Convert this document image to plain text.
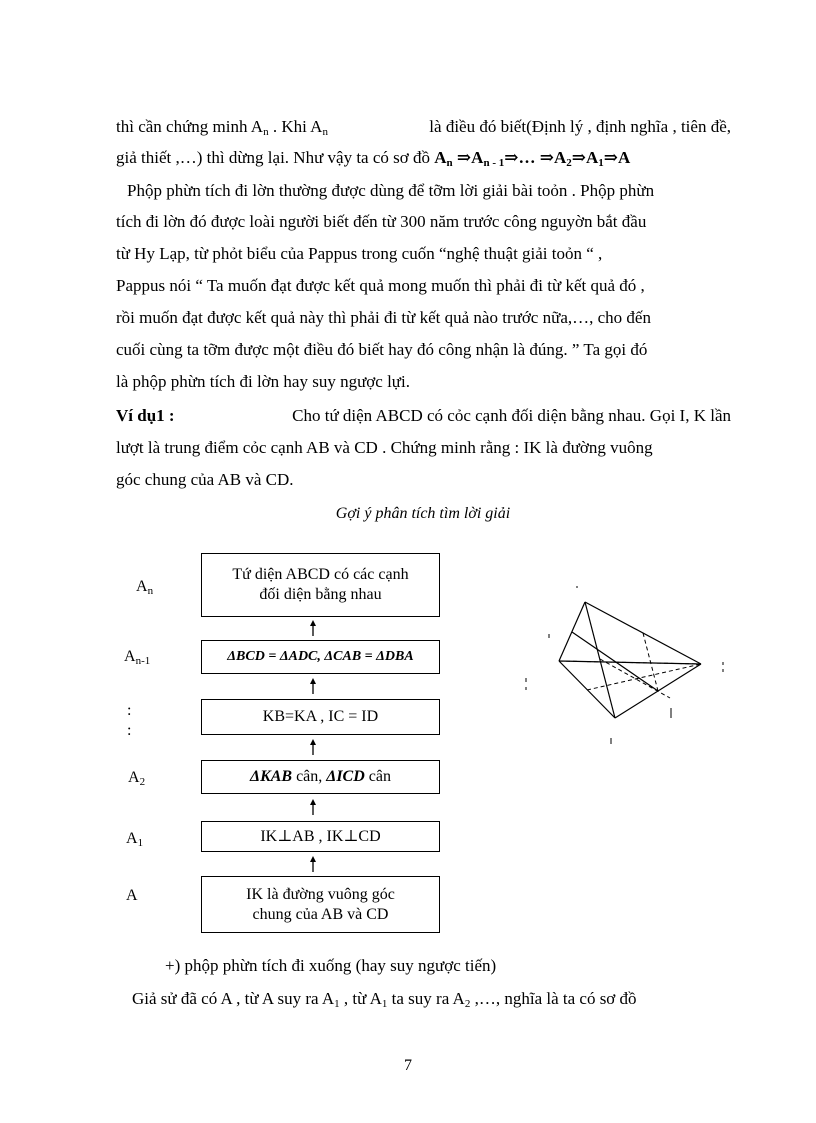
thì cần chứng minh $A_n$ . Khi $A_n$	là điều đó biết(Định lý , định nghĩa , tiên đề,
giả thiết ,…) thì dừng lại. Như vậy ta có sơ đồ $A_n$ $\Rightarrow A_{n - 1}\Rightarrow\dots$ $\Rightarrow A_2\Rightarrow A_1\Rightarrow A$
Phộp phừn tích đi lờn thường được dùng để tỡm lời giải bài toỏn . Phộp phừn
tích đi lờn đó được loài người biết đến từ 300 năm trước công nguyờn bắt đầu
từ Hy Lạp, từ phỏt biểu của Pappus trong cuốn “nghệ thuật giải toỏn “ ,
Pappus nói “ Ta muốn đạt được kết quả mong muốn thì phải đi từ kết quả đó ,
rồi muốn đạt được kết quả này thì phải đi từ kết quả nào trước nữa,…, cho đến
cuối cùng ta tỡm được một điều đó biết hay đó công nhận là đúng. ” Ta gọi đó
là phộp phừn tích đi lờn hay suy ngược lựi.
Ví dụ1 :	Cho tứ diện ABCD có cỏc cạnh đối diện bằng nhau. Gọi I, K lần
lượt là trung điểm cỏc cạnh AB và CD . Chứng minh rằng : IK là đường vuông
góc chung của AB và CD.
Gợi ý phân tích tìm lời giải
$A_n$
$A_{n-1}$
:
:
$A_2$
$A_1$
A
Tứ diện ABCD có các cạnh
đối diện bằng nhau
ΔBCD = ΔADC, ΔCAB = ΔDBA
KB=KA , IC = ID
ΔKAB cân, ΔICD cân
IK⊥AB , IK⊥CD
IK là đường vuông góc
chung của AB và CD
+) phộp phừn tích đi xuống (hay suy ngược tiến)
Giả sử đã có A , từ A suy ra $A_1$ , từ $A_1$ ta suy ra $A_2$ ,…, nghĩa là ta có sơ đồ
7
